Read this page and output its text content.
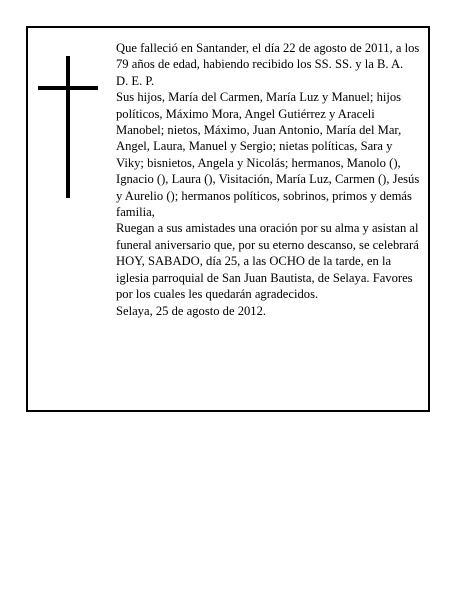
Que falleció en Santander, el día 22 de agosto de 2011, a los 79 años de edad, habiendo recibido los SS. SS. y la B. A.

D. E. P.

Sus hijos, María del Carmen, María Luz y Manuel; hijos políticos, Máximo Mora, Angel Gutiérrez y Araceli Manobel; nietos, Máximo, Juan Antonio, María del Mar, Angel, Laura, Manuel y Sergio; nietas políticas, Sara y Viky; bisnietos, Angela y Nicolás; hermanos, Manolo (), Ignacio (), Laura (), Visitación, María Luz, Carmen (), Jesús y Aurelio (); hermanos políticos, sobrinos, primos y demás familia,

Ruegan a sus amistades una oración por su alma y asistan al funeral aniversario que, por su eterno descanso, se celebrará HOY, SABADO, día 25, a las OCHO de la tarde, en la iglesia parroquial de San Juan Bautista, de Selaya. Favores por los cuales les quedarán agradecidos.

Selaya, 25 de agosto de 2012.
